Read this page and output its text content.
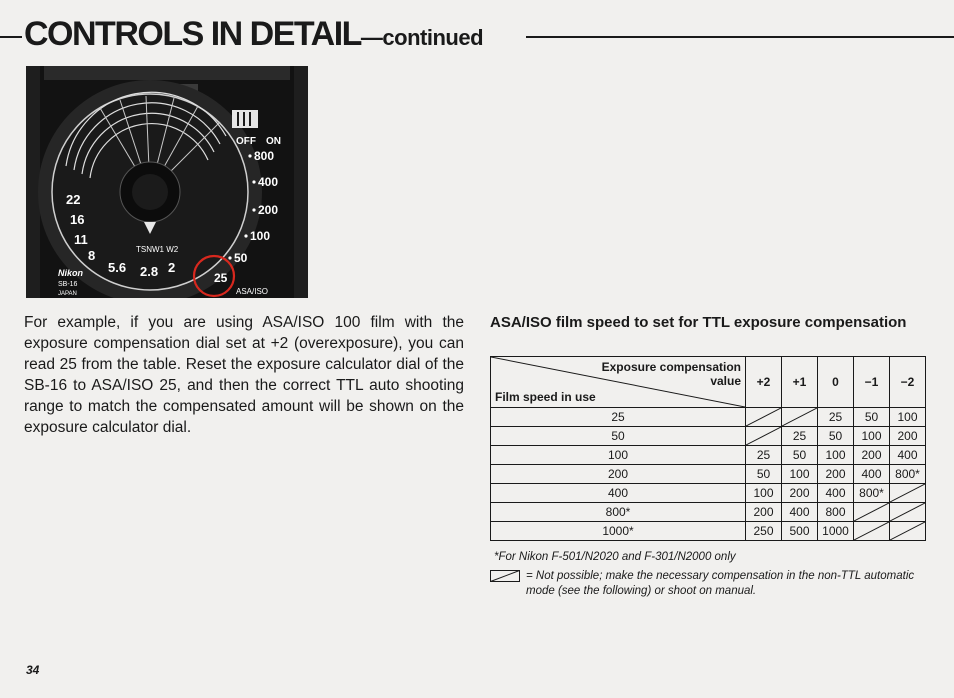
CONTROLS IN DETAIL—continued
OFF ON
800
400
200
100
50
25
22
16
11
8
5.6 2.8 2
TSNW1 W2
Nikon
SB-16
JAPAN	ASA/ISO

For example, if you are using ASA/ISO 100 film with the exposure compensation dial set at +2 (overexposure), you can read 25 from the table. Reset the exposure calculator dial of the SB-16 to ASA/ISO 25, and then the correct TTL auto shooting range to match the compensated amount will be shown on the exposure calculator dial.

ASA/ISO film speed to set for TTL exposure compensation

Exposure compensation
value
Film speed in use	+2	+1	0	−1	−2
25			25	50	100
50		25	50	100	200
100	25	50	100	200	400
200	50	100	200	400	800*
400	100	200	400	800*	

800*	200	400	800	

1000*	250	500	1000	

*For Nikon F-501/N2020 and F-301/N2000 only

= Not possible; make the necessary compensation in the non-TTL automatic mode (see the following) or shoot on manual.
34
